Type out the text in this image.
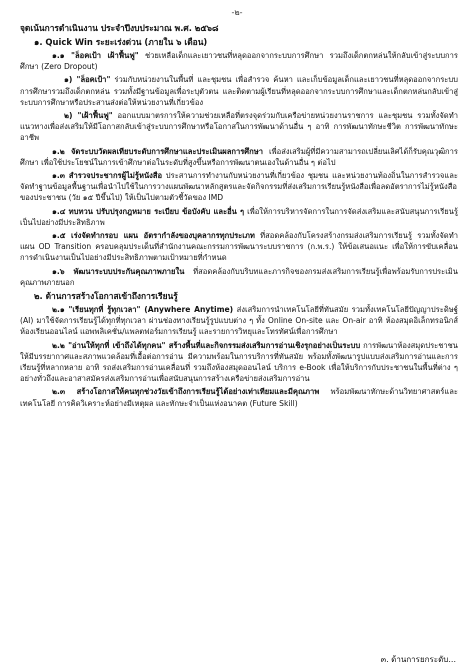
-๒-
จุดเน้นการดำเนินงาน ประจำปีงบประมาณ พ.ศ. ๒๕๖๘
๑. Quick Win ระยะเร่งด่วน (ภายใน ๖ เดือน)

๑.๑ "ล็อคเป้า เฝ้าฟื้นฟู" ช่วยเหลือเด็กและเยาวชนที่หลุดออกจากระบบการศึกษา รวมถึงเด็กตกหล่นให้กลับเข้าสู่ระบบการศึกษา (Zero Dropout)

๑) "ล็อคเป้า" ร่วมกับหน่วยงานในพื้นที่ และชุมชน เพื่อสำรวจ ค้นหา และเก็บข้อมูลเด็กและเยาวชนที่หลุดออกจากระบบการศึกษารวมถึงเด็กตกหล่น รวมทั้งมีฐานข้อมูลเพื่อระบุตัวตน และติดตามผู้เรียนที่หลุดออกจากระบบการศึกษาและเด็กตกหล่นกลับเข้าสู่ระบบการศึกษาหรือประสานส่งต่อให้หน่วยงานที่เกี่ยวข้อง

๒) "เฝ้าฟื้นฟู" ออกแบบมาตรการให้ความช่วยเหลือที่ตรงจุดร่วมกับเครือข่ายหน่วยงานราชการ และชุมชน รวมทั้งจัดทำแนวทางเพื่อส่งเสริมให้มีโอกาสกลับเข้าสู่ระบบการศึกษาหรือโอกาสในการพัฒนาด้านอื่น ๆ อาทิ การพัฒนาทักษะชีวิต การพัฒนาทักษะอาชีพ

๑.๒ จัดระบบวัดผลเทียบระดับการศึกษาและประเมินผลการศึกษา เพื่อส่งเสริมผู้ที่มีความสามารถเปลี่ยนเลิศได้ก็รับคุณวุฒิการศึกษา เพื่อใช้ประโยชน์ในการเข้าศึกษาต่อในระดับที่สูงขึ้นหรือการพัฒนาตนเองในด้านอื่น ๆ ต่อไป

๑.๓ สำรวจประชากรผู้ไม่รู้หนังสือ ประสานการทำงานกับหน่วยงานที่เกี่ยวข้อง ชุมชน และหน่วยงานท้องถิ่นในการสำรวจและจัดทำฐานข้อมูลพื้นฐานเพื่อนำไปใช้ในการวางแผนพัฒนาหลักสูตรและจัดกิจกรรมที่ส่งเสริมการเรียนรู้หนังสือเพื่อลดอัตราการไม่รู้หนังสือของประชาชน (วัย ๑๕ ปีขึ้นไป) ให้เป็นไปตามตัวชี้วัดของ IMD

๑.๔ ทบทวน ปรับปรุงกฎหมาย ระเบียบ ข้อบังคับ และอื่น ๆ เพื่อให้การบริหารจัดการในการจัดส่งเสริมและสนับสนุนการเรียนรู้เป็นไปอย่างมีประสิทธิภาพ

๑.๕ เร่งจัดทำกรอบ แผน อัตรากำลังของบุคลากรทุกประเภท ที่สอดคล้องกับโครงสร้างกรมส่งเสริมการเรียนรู้ รวมทั้งจัดทำแผน OD Transition ครอบคลุมประเด็นที่สำนักงานคณะกรรมการพัฒนาระบบราชการ (ก.พ.ร.) ให้ข้อเสนอแนะ เพื่อให้การขับเคลื่อนการดำเนินงานเป็นไปอย่างมีประสิทธิภาพตามเป้าหมายที่กำหนด

๑.๖ พัฒนาระบบประกันคุณภาพภายใน ที่สอดคล้องกับบริบทและภารกิจของกรมส่งเสริมการเรียนรู้เพื่อพร้อมรับการประเมินคุณภาพภายนอก

๒. ด้านการสร้างโอกาสเข้าถึงการเรียนรู้

๒.๑ "เรียนทุกที่ รู้ทุกเวลา" (Anywhere Anytime) ส่งเสริมการนำเทคโนโลยีที่ทันสมัย รวมทั้งเทคโนโลยีปัญญาประดิษฐ์ (AI) มาใช้จัดการเรียนรู้ได้ทุกที่ทุกเวลา ผ่านช่องทางเรียนรู้รูปแบบต่าง ๆ ทั้ง Online On-site และ On-air อาทิ ห้องสมุดอิเล็กทรอนิกส์ ห้องเรียนออนไลน์ แอพพลิเคชั่น/แพลตฟอร์มการเรียนรู้ และรายการวิทยุและโทรทัศน์เพื่อการศึกษา

๒.๒ "อ่านให้ทุกที่ เข้าถึงได้ทุกคน" สร้างพื้นที่และกิจกรรมส่งเสริมการอ่านเชิงรุกอย่างเป็นระบบ การพัฒนาห้องสมุดประชาชนให้มีบรรยากาศและสภาพแวดล้อมที่เอื้อต่อการอ่าน มีความพร้อมในการบริการที่ทันสมัย พร้อมทั้งพัฒนารูปแบบส่งเสริมการอ่านและการเรียนรู้ที่หลากหลาย อาทิ รถส่งเสริมการอ่านเคลื่อนที่ รวมถึงห้องสมุดออนไลน์ บริการ e-Book เพื่อให้บริการกับประชาชนในพื้นที่ต่าง ๆ อย่างทั่วถึงและอาสาสมัครส่งเสริมการอ่านเพื่อสนับสนุนการสร้างเครือข่ายส่งเสริมการอ่าน

๒.๓ สร้างโอกาสให้คนทุกช่วงวัยเข้าถึงการเรียนรู้ได้อย่างเท่าเทียมและมีคุณภาพ พร้อมพัฒนาทักษะด้านวิทยาศาสตร์และเทคโนโลยี การคิดวิเคราะห์อย่างมีเหตุผล และทักษะจำเป็นแห่งอนาคต (Future Skill)

๓. ด้านการยกระดับ...
